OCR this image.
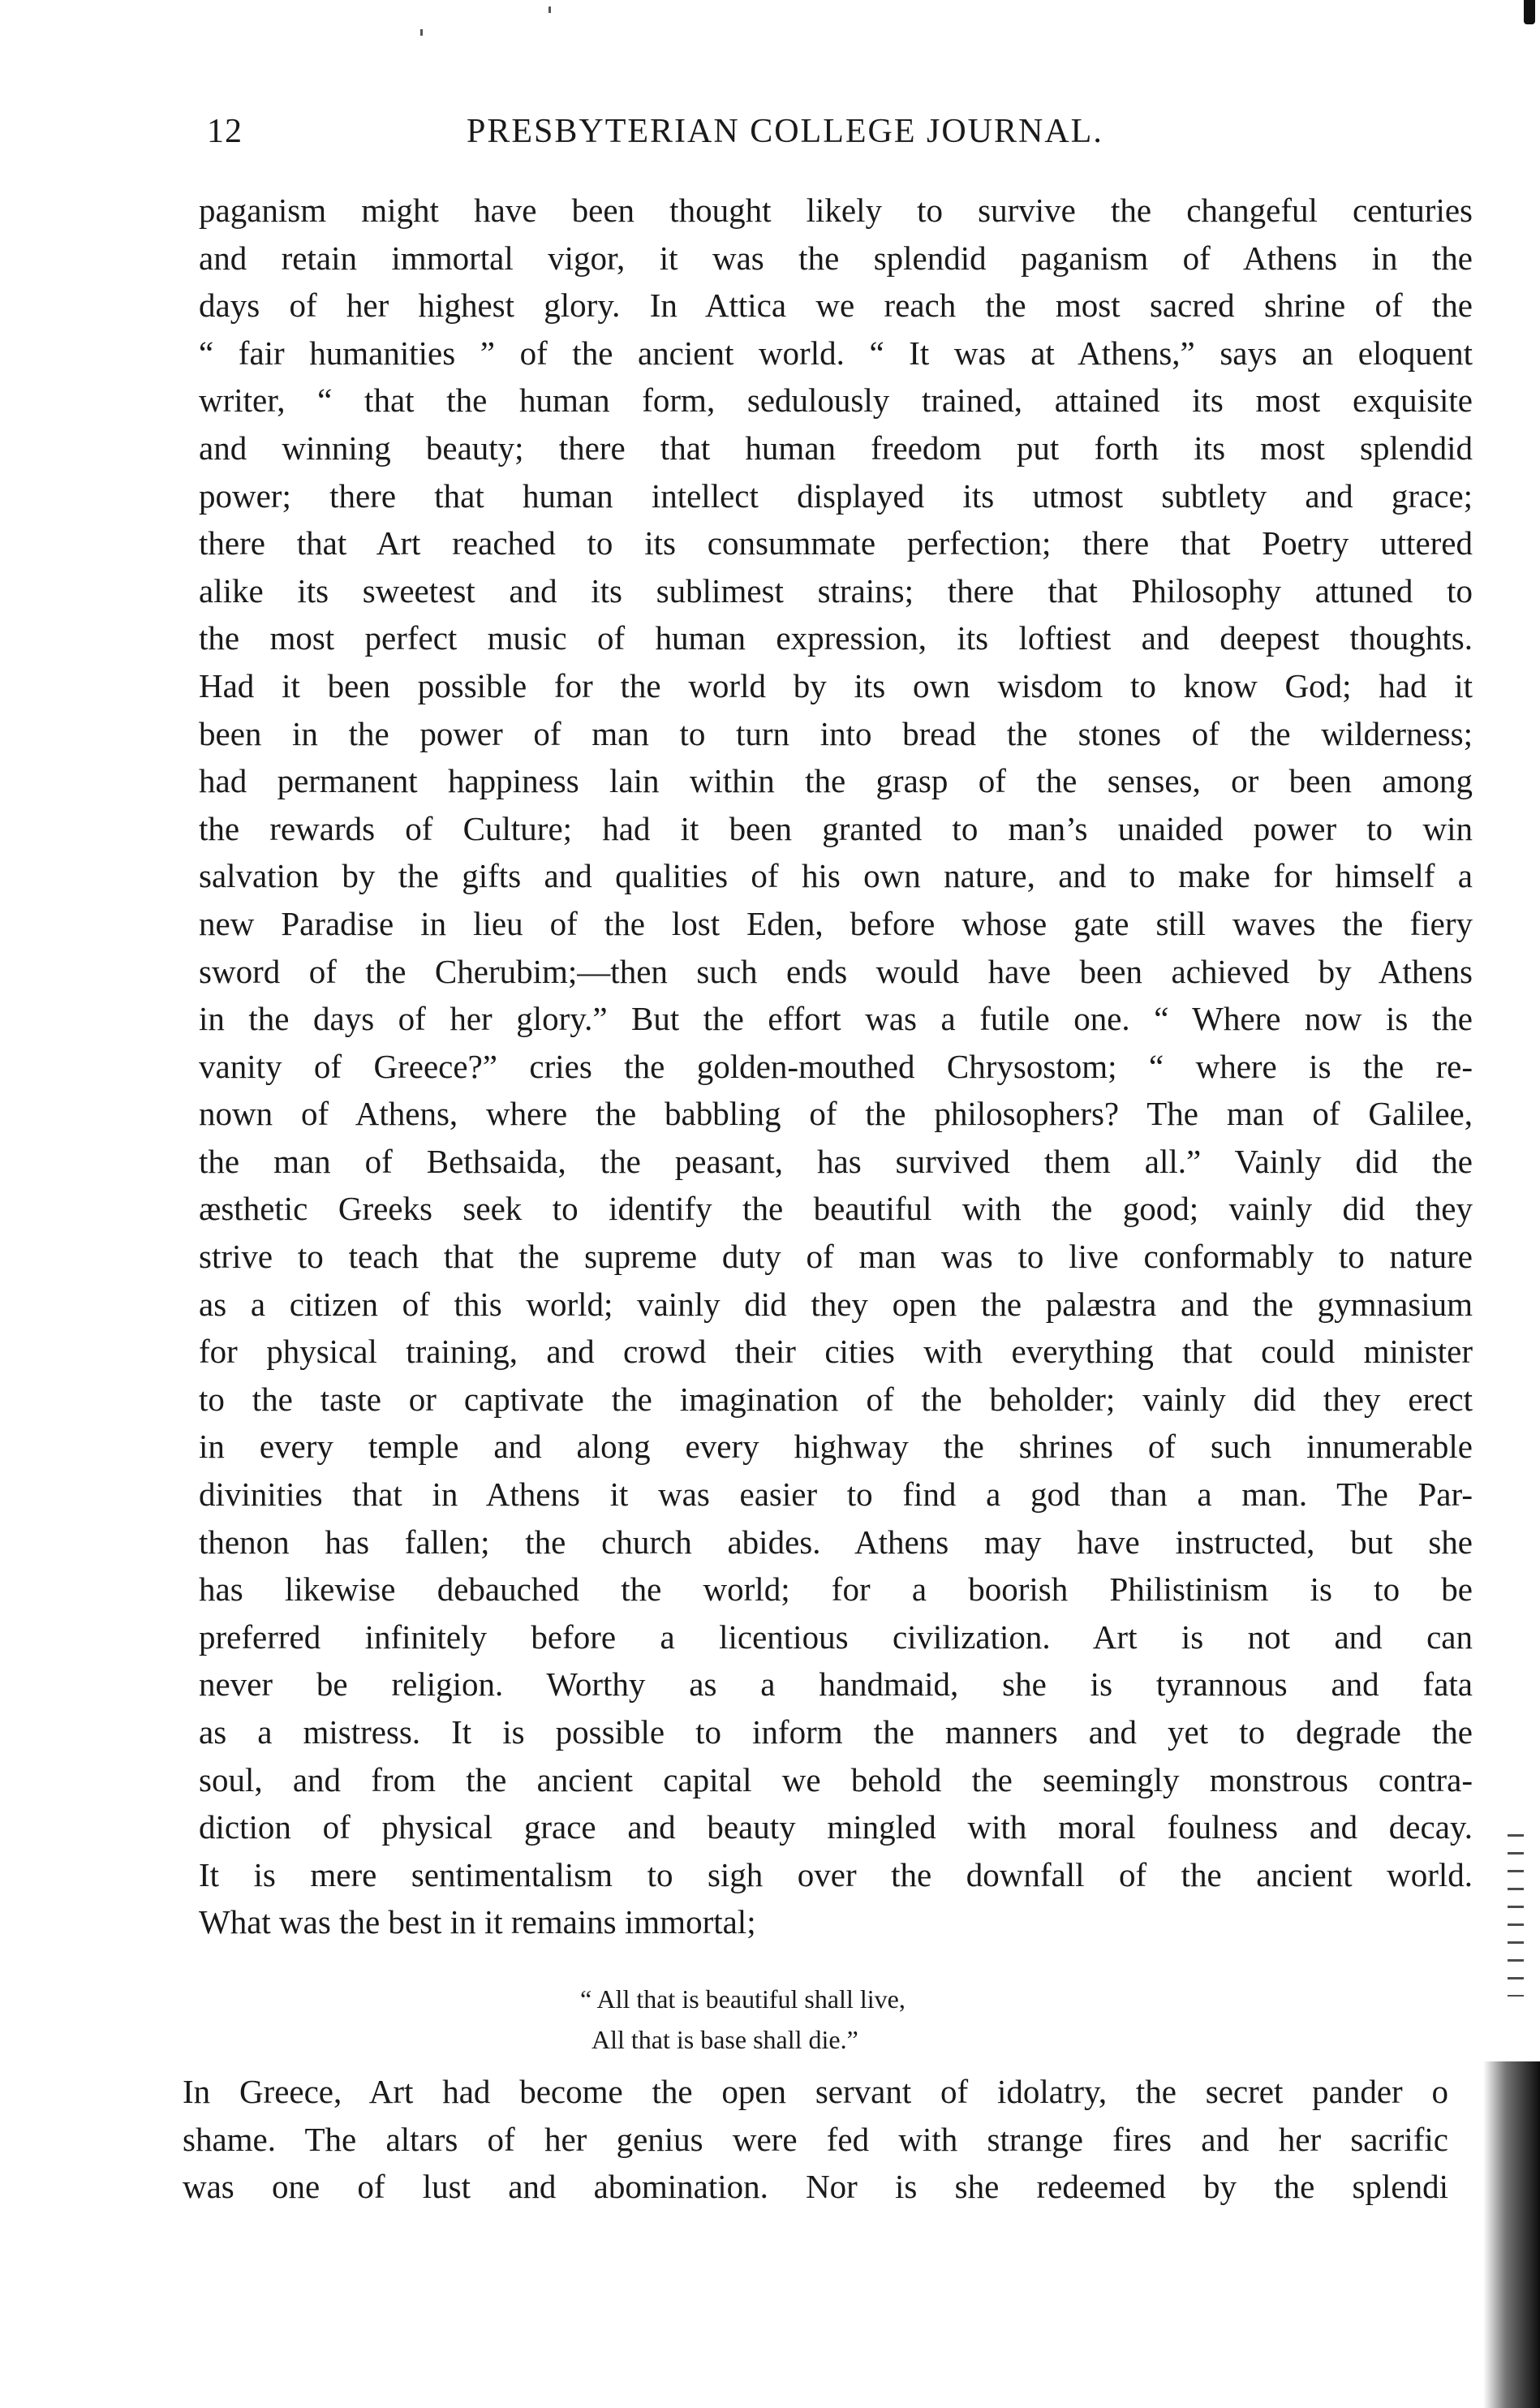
12	PRESBYTERIAN COLLEGE JOURNAL.
paganism might have been thought likely to survive the changeful centuries
and retain immortal vigor, it was the splendid paganism of Athens in the
days of her highest glory. In Attica we reach the most sacred shrine of the
“ fair humanities ” of the ancient world. “ It was at Athens,” says an eloquent
writer, “ that the human form, sedulously trained, attained its most exquisite
and winning beauty; there that human freedom put forth its most splendid
power; there that human intellect displayed its utmost subtlety and grace;
there that Art reached to its consummate perfection; there that Poetry uttered
alike its sweetest and its sublimest strains; there that Philosophy attuned to
the most perfect music of human expression, its loftiest and deepest thoughts.
Had it been possible for the world by its own wisdom to know God; had it
been in the power of man to turn into bread the stones of the wilderness;
had permanent happiness lain within the grasp of the senses, or been among
the rewards of Culture; had it been granted to man’s unaided power to win
salvation by the gifts and qualities of his own nature, and to make for himself a
new Paradise in lieu of the lost Eden, before whose gate still waves the fiery
sword of the Cherubim;—then such ends would have been achieved by Athens
in the days of her glory.” But the effort was a futile one. “ Where now is the
vanity of Greece?” cries the golden-mouthed Chrysostom; “ where is the re-
nown of Athens, where the babbling of the philosophers? The man of Galilee,
the man of Bethsaida, the peasant, has survived them all.” Vainly did the
æsthetic Greeks seek to identify the beautiful with the good; vainly did they
strive to teach that the supreme duty of man was to live conformably to nature
as a citizen of this world; vainly did they open the palæstra and the gymnasium
for physical training, and crowd their cities with everything that could minister
to the taste or captivate the imagination of the beholder; vainly did they erect
in every temple and along every highway the shrines of such innumerable
divinities that in Athens it was easier to find a god than a man. The Par-
thenon has fallen; the church abides. Athens may have instructed, but she
has likewise debauched the world; for a boorish Philistinism is to be
preferred infinitely before a licentious civilization. Art is not and can
never be religion. Worthy as a handmaid, she is tyrannous and fata
as a mistress. It is possible to inform the manners and yet to degrade the
soul, and from the ancient capital we behold the seemingly monstrous contra-
diction of physical grace and beauty mingled with moral foulness and decay.
It is mere sentimentalism to sigh over the downfall of the ancient world.
What was the best in it remains immortal;
“ All that is beautiful shall live,
All that is base shall die.”
In Greece, Art had become the open servant of idolatry, the secret pander o
shame. The altars of her genius were fed with strange fires and her sacrific
was one of lust and abomination. Nor is she redeemed by the splendi
